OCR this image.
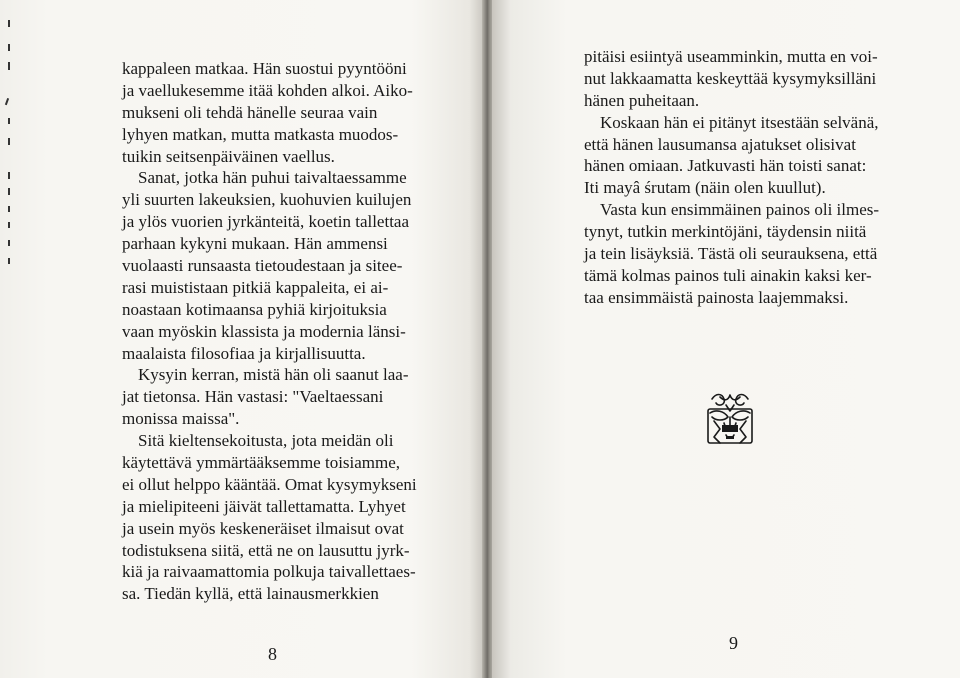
kappaleen matkaa. Hän suostui pyyntööni
ja vaellukesemme itää kohden alkoi. Aiko-
mukseni oli tehdä hänelle seuraa vain
lyhyen matkan, mutta matkasta muodos-
tuikin seitsenpäiväinen vaellus.
Sanat, jotka hän puhui taivaltaessamme
yli suurten lakeuksien, kuohuvien kuilujen
ja ylös vuorien jyrkänteitä, koetin tallettaa
parhaan kykyni mukaan. Hän ammensi
vuolaasti runsaasta tietoudestaan ja sitee-
rasi muististaan pitkiä kappaleita, ei ai-
noastaan kotimaansa pyhiä kirjoituksia
vaan myöskin klassista ja modernia länsi-
maalaista filosofiaa ja kirjallisuutta.
Kysyin kerran, mistä hän oli saanut laa-
jat tietonsa. Hän vastasi: "Vaeltaessani
monissa maissa".
Sitä kieltensekoitusta, jota meidän oli
käytettävä ymmärtääksemme toisiamme,
ei ollut helppo kääntää. Omat kysymykseni
ja mielipiteeni jäivät tallettamatta. Lyhyet
ja usein myös keskeneräiset ilmaisut ovat
todistuksena siitä, että ne on lausuttu jyrk-
kiä ja raivaamattomia polkuja taivallettaes-
sa. Tiedän kyllä, että lainausmerkkien
8
pitäisi esiintyä useamminkin, mutta en voi-
nut lakkaamatta keskeyttää kysymyksilläni
hänen puheitaan.
Koskaan hän ei pitänyt itsestään selvänä,
että hänen lausumansa ajatukset olisivat
hänen omiaan. Jatkuvasti hän toisti sanat:
Iti mayâ śrutam (näin olen kuullut).
Vasta kun ensimmäinen painos oli ilmes-
tynyt, tutkin merkintöjäni, täydensin niitä
ja tein lisäyksiä. Tästä oli seurauksena, että
tämä kolmas painos tuli ainakin kaksi ker-
taa ensimmäistä painosta laajemmaksi.
9
